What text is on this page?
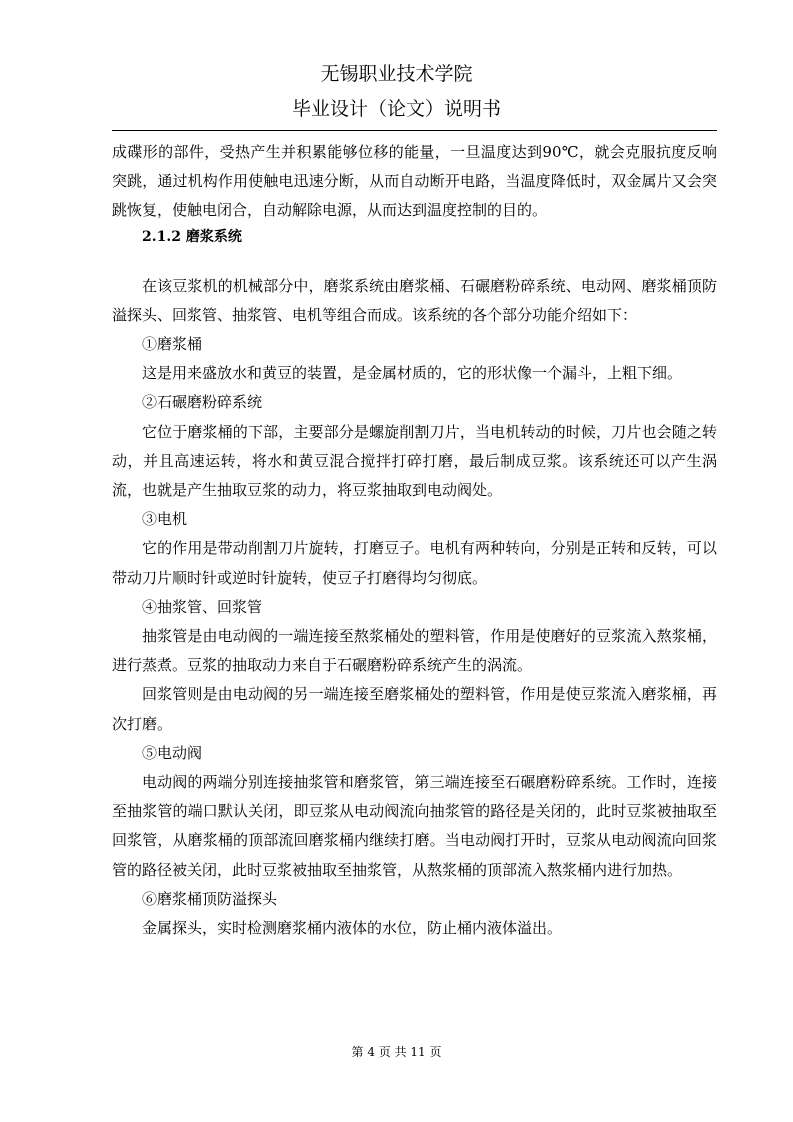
无锡职业技术学院
毕业设计（论文）说明书

成碟形的部件，受热产生并积累能够位移的能量，一旦温度达到90℃，就会克服抗度反响突跳，通过机构作用使触电迅速分断，从而自动断开电路，当温度降低时，双金属片又会突跳恢复，使触电闭合，自动解除电源，从而达到温度控制的目的。

2.1.2 磨浆系统

在该豆浆机的机械部分中，磨浆系统由磨浆桶、石碾磨粉碎系统、电动网、磨浆桶顶防溢探头、回浆管、抽浆管、电机等组合而成。该系统的各个部分功能介绍如下：

①磨浆桶

这是用来盛放水和黄豆的装置，是金属材质的，它的形状像一个漏斗，上粗下细。

②石碾磨粉碎系统

它位于磨浆桶的下部，主要部分是螺旋削割刀片，当电机转动的时候，刀片也会随之转动，并且高速运转，将水和黄豆混合搅拌打碎打磨，最后制成豆浆。该系统还可以产生涡流，也就是产生抽取豆浆的动力，将豆浆抽取到电动阀处。

③电机

它的作用是带动削割刀片旋转，打磨豆子。电机有两种转向，分别是正转和反转，可以带动刀片顺时针或逆时针旋转，使豆子打磨得均匀彻底。

④抽浆管、回浆管

抽浆管是由电动阀的一端连接至熬浆桶处的塑料管，作用是使磨好的豆浆流入熬浆桶，进行蒸煮。豆浆的抽取动力来自于石碾磨粉碎系统产生的涡流。

回浆管则是由电动阀的另一端连接至磨浆桶处的塑料管，作用是使豆浆流入磨浆桶，再次打磨。

⑤电动阀

电动阀的两端分别连接抽浆管和磨浆管，第三端连接至石碾磨粉碎系统。工作时，连接至抽浆管的端口默认关闭，即豆浆从电动阀流向抽浆管的路径是关闭的，此时豆浆被抽取至回浆管，从磨浆桶的顶部流回磨浆桶内继续打磨。当电动阀打开时，豆浆从电动阀流向回浆管的路径被关闭，此时豆浆被抽取至抽浆管，从熬浆桶的顶部流入熬浆桶内进行加热。

⑥磨浆桶顶防溢探头

金属探头，实时检测磨浆桶内液体的水位，防止桶内液体溢出。

第 4 页 共 11 页
